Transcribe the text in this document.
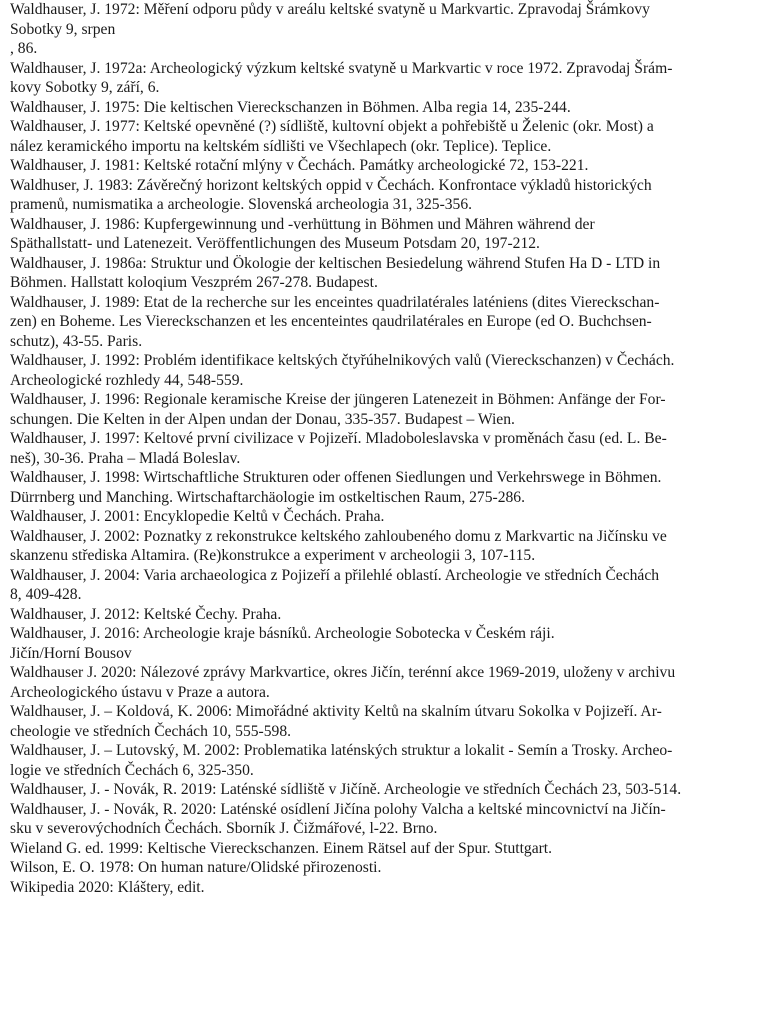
Waldhauser, J. 1972: Měření odporu půdy v areálu keltské svatyně u Markvartic. Zpravodaj Šrámkovy
Sobotky 9, srpen
, 86.
Waldhauser, J. 1972a: Archeologický výzkum keltské svatyně u Markvartic v roce 1972. Zpravodaj Šrám-
kovy Sobotky 9, září, 6.
Waldhauser, J. 1975: Die keltischen Viereckschanzen in Böhmen. Alba regia 14, 235-244.
Waldhauser, J. 1977: Keltské opevněné (?) sídliště, kultovní objekt a pohřebiště u Želenic (okr. Most) a
nález keramického importu na keltském sídlišti ve Všechlapech (okr. Teplice). Teplice.
Waldhauser, J. 1981: Keltské rotační mlýny v Čechách. Památky archeologické 72, 153-221.
Waldhuser, J. 1983: Závěrečný horizont keltských oppid v Čechách. Konfrontace výkladů historických
pramenů, numismatika a archeologie. Slovenská archeologia 31, 325-356.
Waldhauser, J. 1986: Kupfergewinnung und -verhüttung in Böhmen und Mähren während der
Späthallstatt- und Latenezeit. Veröffentlichungen des Museum Potsdam 20, 197-212.
Waldhauser, J. 1986a: Struktur und Ökologie der keltischen Besiedelung während Stufen Ha D - LTD in
Böhmen. Hallstatt koloqium Veszprém 267-278. Budapest.
Waldhauser, J. 1989: Etat de la recherche sur les enceintes quadrilatérales laténiens (dites Viereckschan-
zen) en Boheme. Les Viereckschanzen et les encenteintes qaudrilatérales en Europe (ed O. Buchchsen-
schutz), 43-55. Paris.
Waldhauser, J. 1992: Problém identifikace keltských čtyřúhelnikových valů (Viereckschanzen) v Čechách.
Archeologické rozhledy 44, 548-559.
Waldhauser, J. 1996: Regionale keramische Kreise der jüngeren Latenezeit in Böhmen: Anfänge der For-
schungen. Die Kelten in der Alpen undan der Donau, 335-357. Budapest – Wien.
Waldhauser, J. 1997: Keltové první civilizace v Pojizeří. Mladoboleslavska v proměnách času (ed. L. Be-
neš), 30-36. Praha – Mladá Boleslav.
Waldhauser, J. 1998: Wirtschaftliche Strukturen oder offenen Siedlungen und Verkehrswege in Böhmen.
Dürrnberg und Manching. Wirtschaftarchäologie im ostkeltischen Raum, 275-286.
Waldhauser, J. 2001: Encyklopedie Keltů v Čechách. Praha.
Waldhauser, J. 2002: Poznatky z rekonstrukce keltského zahloubeného domu z Markvartic na Jičínsku ve
skanzenu střediska Altamira. (Re)konstrukce a experiment v archeologii 3, 107-115.
Waldhauser, J. 2004: Varia archaeologica z Pojizeří a přilehlé oblastí. Archeologie ve středních Čechách
8, 409-428.
Waldhauser, J. 2012: Keltské Čechy. Praha.
Waldhauser, J. 2016: Archeologie kraje básníků. Archeologie Sobotecka v Českém ráji.
Jičín/Horní Bousov
Waldhauser J. 2020: Nálezové zprávy Markvartice, okres Jičín, terénní akce 1969-2019, uloženy v archivu
Archeologického ústavu v Praze a autora.
Waldhauser, J. – Koldová, K. 2006: Mimořádné aktivity Keltů na skalním útvaru Sokolka v Pojizeří. Ar-
cheologie ve středních Čechách 10, 555-598.
Waldhauser, J. – Lutovský, M. 2002: Problematika laténských struktur a lokalit - Semín a Trosky. Archeo-
logie ve středních Čechách 6, 325-350.
Waldhauser, J. - Novák, R. 2019: Laténské sídliště v Jičíně. Archeologie ve středních Čechách 23, 503-514.
Waldhauser, J. - Novák, R. 2020: Laténské osídlení Jičína polohy Valcha a keltské mincovnictví na Jičín-
sku v severovýchodních Čechách. Sborník J. Čižmářové, l-22. Brno.
Wieland G. ed. 1999: Keltische Viereckschanzen. Einem Rätsel auf der Spur. Stuttgart.
Wilson, E. O. 1978: On human nature/Olidské přirozenosti.
Wikipedia 2020: Kláštery, edit.
